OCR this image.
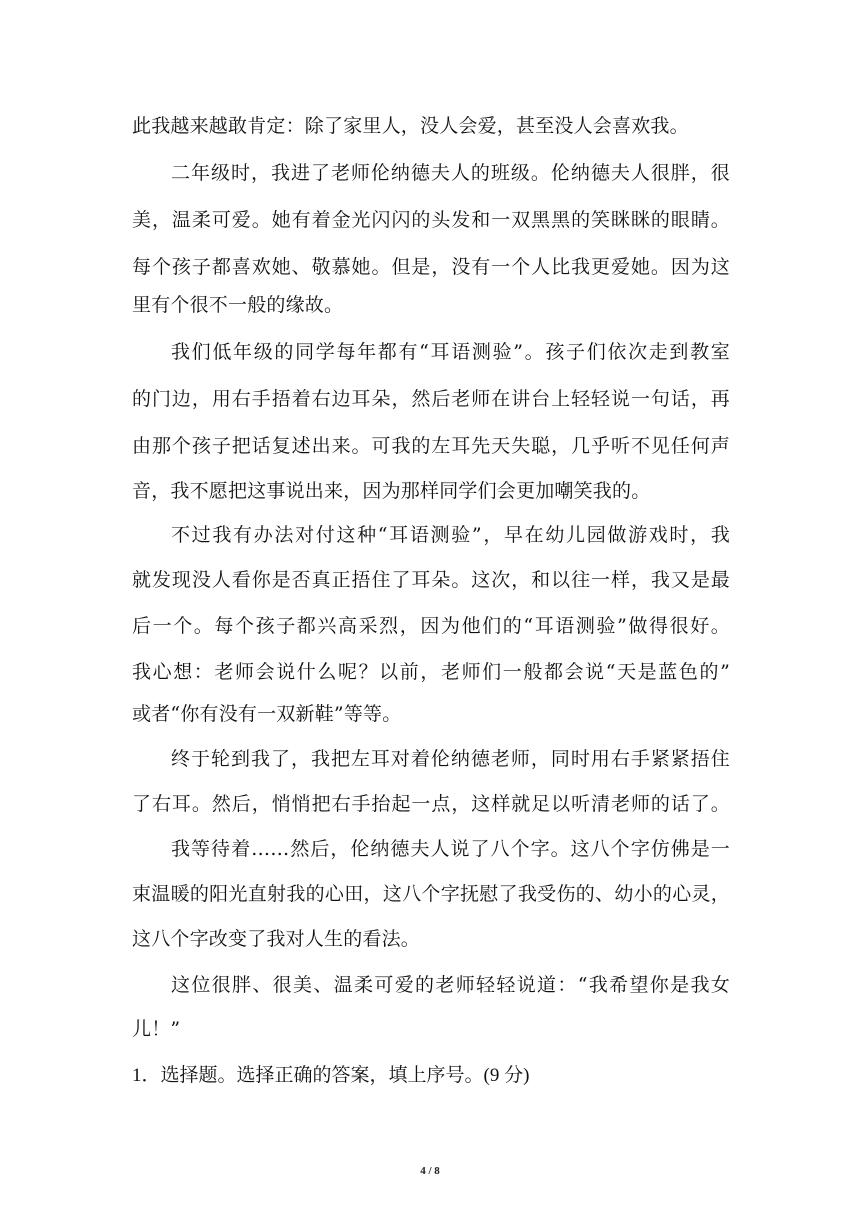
此我越来越敢肯定：除了家里人，没人会爱，甚至没人会喜欢我。
二年级时，我进了老师伦纳德夫人的班级。伦纳德夫人很胖，很
美，温柔可爱。她有着金光闪闪的头发和一双黑黑的笑眯眯的眼睛。
每个孩子都喜欢她、敬慕她。但是，没有一个人比我更爱她。因为这
里有个很不一般的缘故。
我们低年级的同学每年都有“耳语测验”。孩子们依次走到教室
的门边，用右手捂着右边耳朵，然后老师在讲台上轻轻说一句话，再
由那个孩子把话复述出来。可我的左耳先天失聪，几乎听不见任何声
音，我不愿把这事说出来，因为那样同学们会更加嘲笑我的。
不过我有办法对付这种“耳语测验”，早在幼儿园做游戏时，我
就发现没人看你是否真正捂住了耳朵。这次，和以往一样，我又是最
后一个。每个孩子都兴高采烈，因为他们的“耳语测验”做得很好。
我心想：老师会说什么呢？以前，老师们一般都会说“天是蓝色的”
或者“你有没有一双新鞋”等等。
终于轮到我了，我把左耳对着伦纳德老师，同时用右手紧紧捂住
了右耳。然后，悄悄把右手抬起一点，这样就足以听清老师的话了。
我等待着……然后，伦纳德夫人说了八个字。这八个字仿佛是一
束温暖的阳光直射我的心田，这八个字抚慰了我受伤的、幼小的心灵，
这八个字改变了我对人生的看法。
这位很胖、很美、温柔可爱的老师轻轻说道：“我希望你是我女
儿！”
1．选择题。选择正确的答案，填上序号。(9 分)
4 / 8
